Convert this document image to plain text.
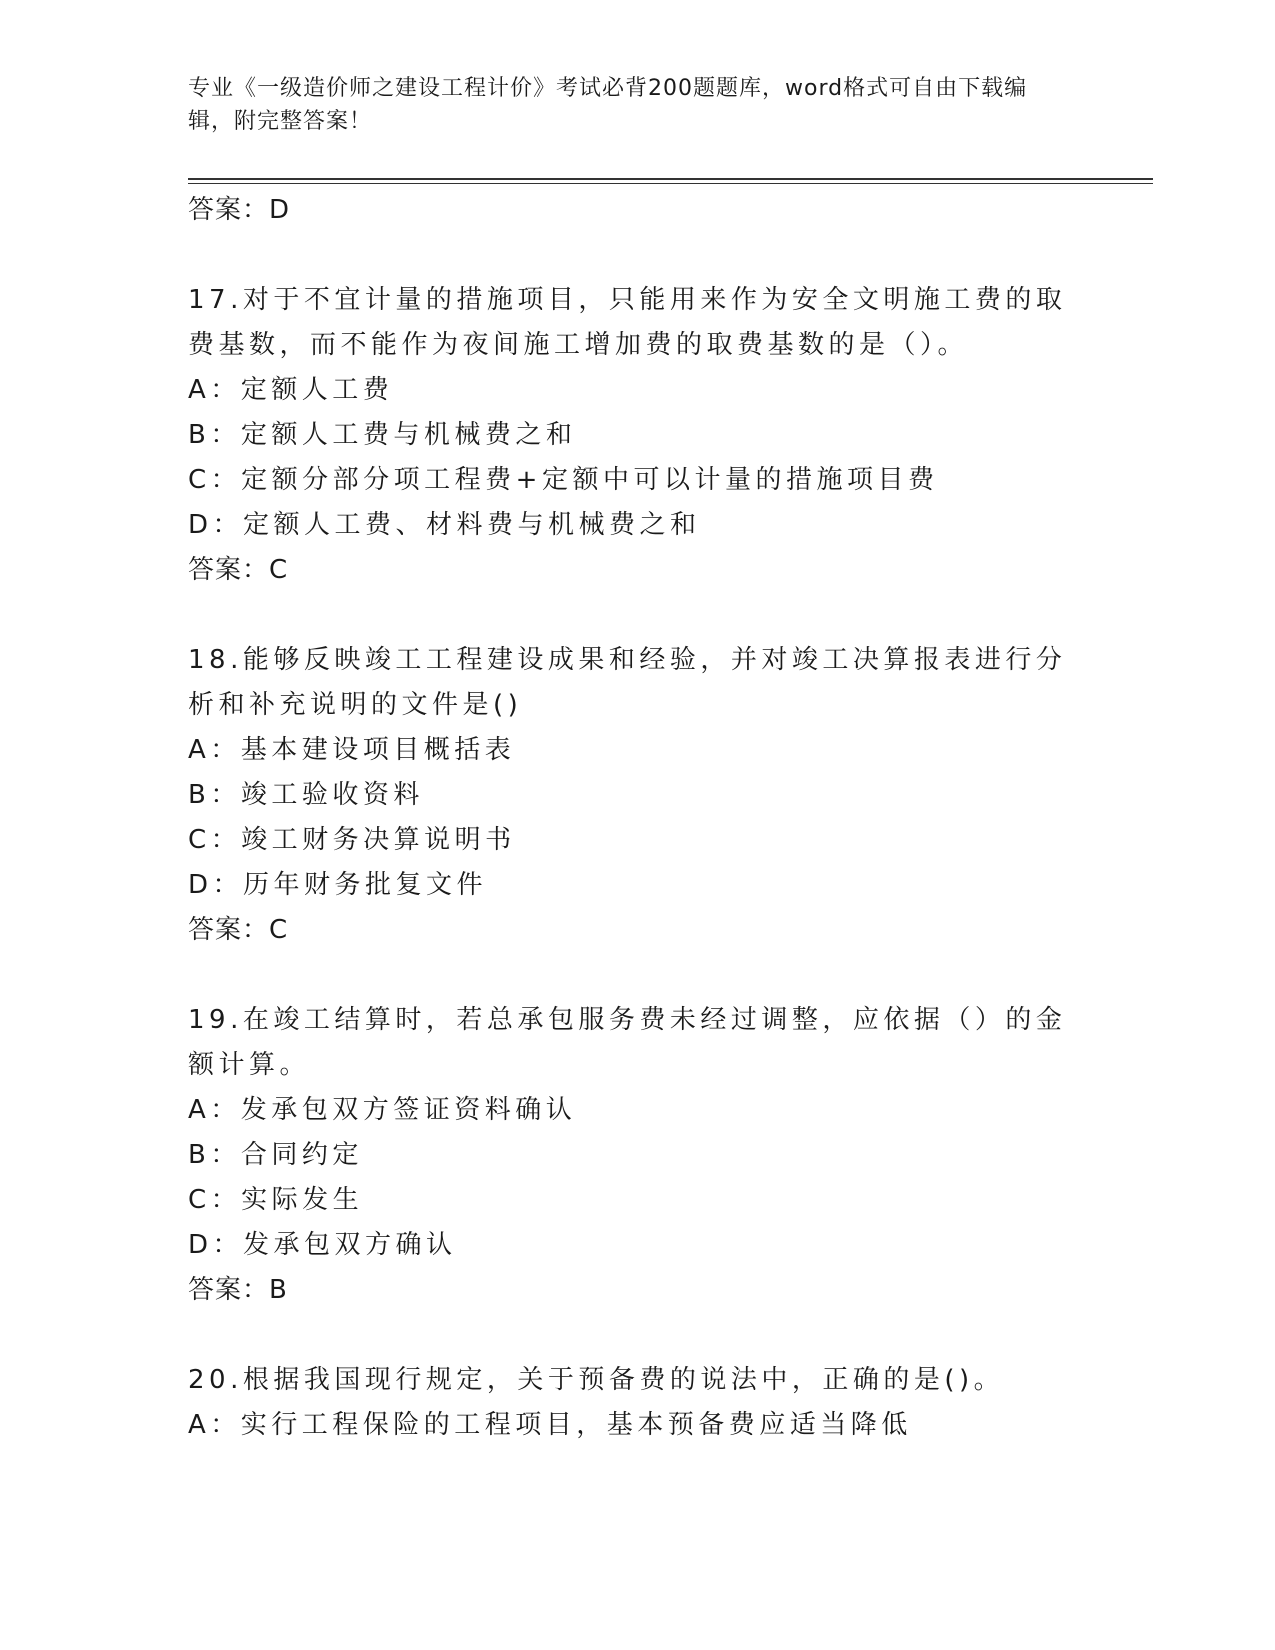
专业《一级造价师之建设工程计价》考试必背200题题库，word格式可自由下载编辑，附完整答案！
答案：D
17.对于不宜计量的措施项目，只能用来作为安全文明施工费的取费基数，而不能作为夜间施工增加费的取费基数的是（）。
A：定额人工费
B：定额人工费与机械费之和
C：定额分部分项工程费+定额中可以计量的措施项目费
D：定额人工费、材料费与机械费之和
答案：C
18.能够反映竣工工程建设成果和经验，并对竣工决算报表进行分析和补充说明的文件是()
A：基本建设项目概括表
B：竣工验收资料
C：竣工财务决算说明书
D：历年财务批复文件
答案：C
19.在竣工结算时，若总承包服务费未经过调整，应依据（）的金额计算。
A：发承包双方签证资料确认
B：合同约定
C：实际发生
D：发承包双方确认
答案：B
20.根据我国现行规定，关于预备费的说法中，正确的是()。
A：实行工程保险的工程项目，基本预备费应适当降低
